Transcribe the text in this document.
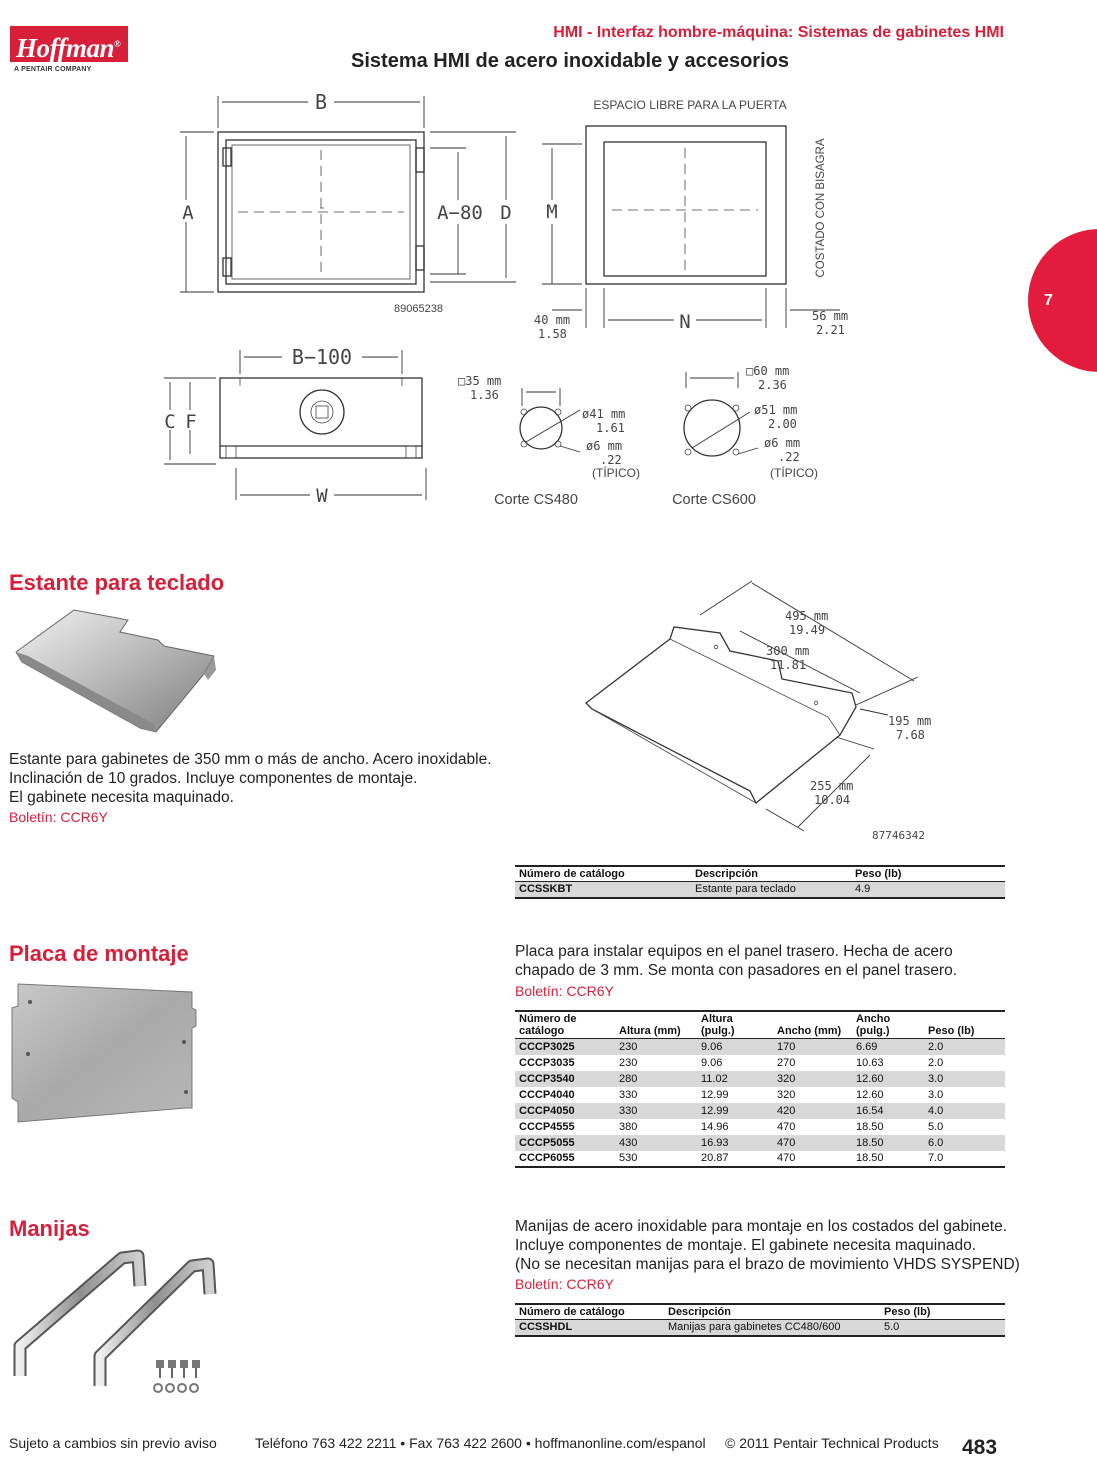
Hoffman®
A PENTAIR COMPANY
HMI - Interfaz hombre-máquina: Sistemas de gabinetes HMI
Sistema HMI de acero inoxidable y accesorios
7
B
A	A−80 D
89065238
ESPACIO LIBRE PARA LA PUERTA
M	COSTADO CON BISAGRA
N
40 mm
1.58
56 mm
2.21
B−100
C F
W
□35 mm
1.36
ø41 mm
1.61
ø6 mm
.22
(TÍPICO)
Corte CS480
□60 mm
2.36
ø51 mm
2.00
ø6 mm
.22
(TÍPICO)
Corte CS600
Estante para teclado
Estante para gabinetes de 350 mm o más de ancho. Acero inoxidable.
Inclinación de 10 grados. Incluye componentes de montaje.
El gabinete necesita maquinado.
Boletín: CCR6Y
495 mm
19.49
300 mm
11.81
195 mm
7.68
255 mm
10.04
87746342
Número de catálogo	Descripción	Peso (lb)
CCSSKBT	Estante para teclado	4.9
Placa de montaje	Placa para instalar equipos en el panel trasero. Hecha de acero
chapado de 3 mm. Se monta con pasadores en el panel trasero.
Boletín: CCR6Y
Número de
catálogo	Altura (mm)	Altura (pulg.)	Ancho (mm)	Ancho (pulg.)	Peso (lb)
CCCP3025	230	9.06	170	6.69	2.0
CCCP3035	230	9.06	270	10.63	2.0
CCCP3540	280	11.02	320	12.60	3.0
CCCP4040	330	12.99	320	12.60	3.0
CCCP4050	330	12.99	420	16.54	4.0
CCCP4555	380	14.96	470	18.50	5.0
CCCP5055	430	16.93	470	18.50	6.0
CCCP6055	530	20.87	470	18.50	7.0
Manijas	Manijas de acero inoxidable para montaje en los costados del gabinete.
Incluye componentes de montaje. El gabinete necesita maquinado.
(No se necesitan manijas para el brazo de movimiento VHDS SYSPEND)
Boletín: CCR6Y
Número de catálogo	Descripción	Peso (lb)
CCSSHDL	Manijas para gabinetes CC480/600	5.0
Sujeto a cambios sin previo aviso	Teléfono 763 422 2211 • Fax 763 422 2600 • hoffmanonline.com/espanol © 2011 Pentair Technical Products 483
